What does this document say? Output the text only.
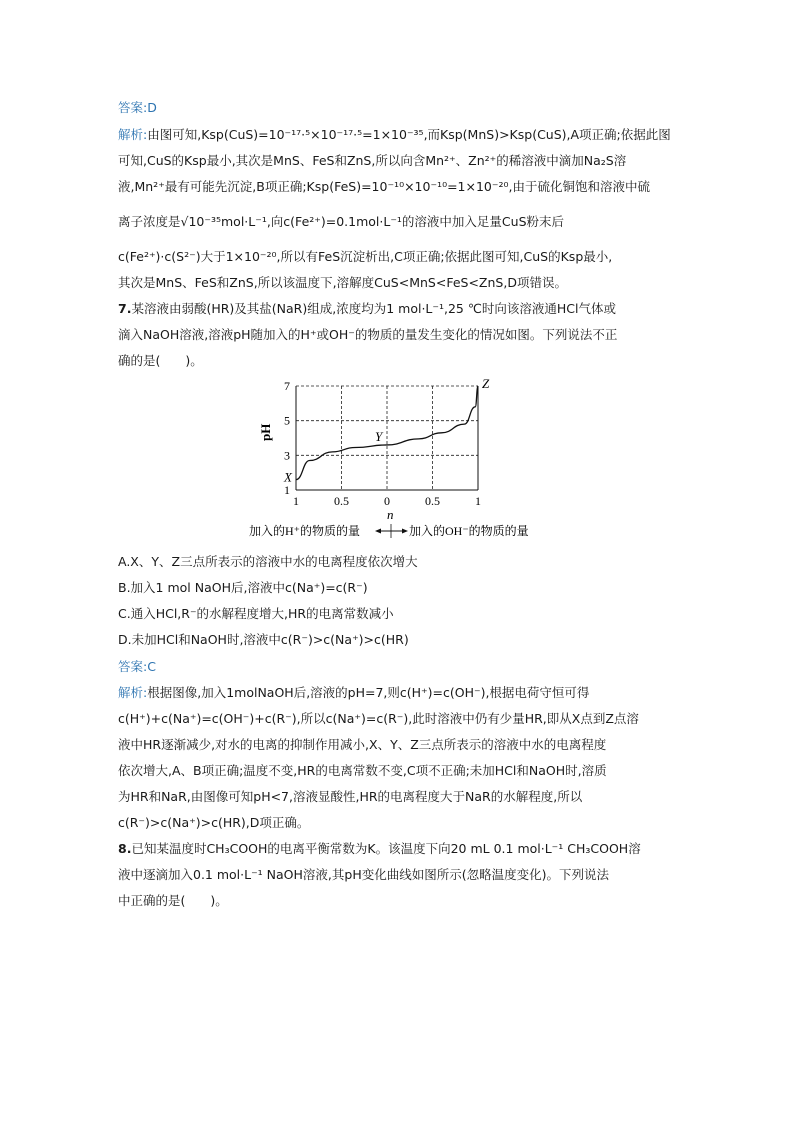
答案:D
解析:由图可知,Ksp(CuS)=10⁻¹⁷·⁵×10⁻¹⁷·⁵=1×10⁻³⁵,而Ksp(MnS)>Ksp(CuS),A项正确;依据此图
可知,CuS的Ksp最小,其次是MnS、FeS和ZnS,所以向含Mn²⁺、Zn²⁺的稀溶液中滴加Na₂S溶
液,Mn²⁺最有可能先沉淀,B项正确;Ksp(FeS)=10⁻¹⁰×10⁻¹⁰=1×10⁻²⁰,由于硫化铜饱和溶液中硫
离子浓度是√10⁻³⁵mol·L⁻¹,向c(Fe²⁺)=0.1mol·L⁻¹的溶液中加入足量CuS粉末后
c(Fe²⁺)·c(S²⁻)大于1×10⁻²⁰,所以有FeS沉淀析出,C项正确;依据此图可知,CuS的Ksp最小,
其次是MnS、FeS和ZnS,所以该温度下,溶解度CuS<MnS<FeS<ZnS,D项错误。
7.某溶液由弱酸(HR)及其盐(NaR)组成,浓度均为1 mol·L⁻¹,25 ℃时向该溶液通HCl气体或
滴入NaOH溶液,溶液pH随加入的H⁺或OH⁻的物质的量发生变化的情况如图。下列说法不正
确的是(　　)。
1
3
5
7
1	0.5	0	0.5	1
X
Y
Z
pH
n
加入的H⁺的物质的量	加入的OH⁻的物质的量
A.X、Y、Z三点所表示的溶液中水的电离程度依次增大
B.加入1 mol NaOH后,溶液中c(Na⁺)=c(R⁻)
C.通入HCl,R⁻的水解程度增大,HR的电离常数减小
D.未加HCl和NaOH时,溶液中c(R⁻)>c(Na⁺)>c(HR)
答案:C
解析:根据图像,加入1molNaOH后,溶液的pH=7,则c(H⁺)=c(OH⁻),根据电荷守恒可得
c(H⁺)+c(Na⁺)=c(OH⁻)+c(R⁻),所以c(Na⁺)=c(R⁻),此时溶液中仍有少量HR,即从X点到Z点溶
液中HR逐渐减少,对水的电离的抑制作用减小,X、Y、Z三点所表示的溶液中水的电离程度
依次增大,A、B项正确;温度不变,HR的电离常数不变,C项不正确;未加HCl和NaOH时,溶质
为HR和NaR,由图像可知pH<7,溶液显酸性,HR的电离程度大于NaR的水解程度,所以
c(R⁻)>c(Na⁺)>c(HR),D项正确。
8.已知某温度时CH₃COOH的电离平衡常数为K。该温度下向20 mL 0.1 mol·L⁻¹ CH₃COOH溶
液中逐滴加入0.1 mol·L⁻¹ NaOH溶液,其pH变化曲线如图所示(忽略温度变化)。下列说法
中正确的是(　　)。
